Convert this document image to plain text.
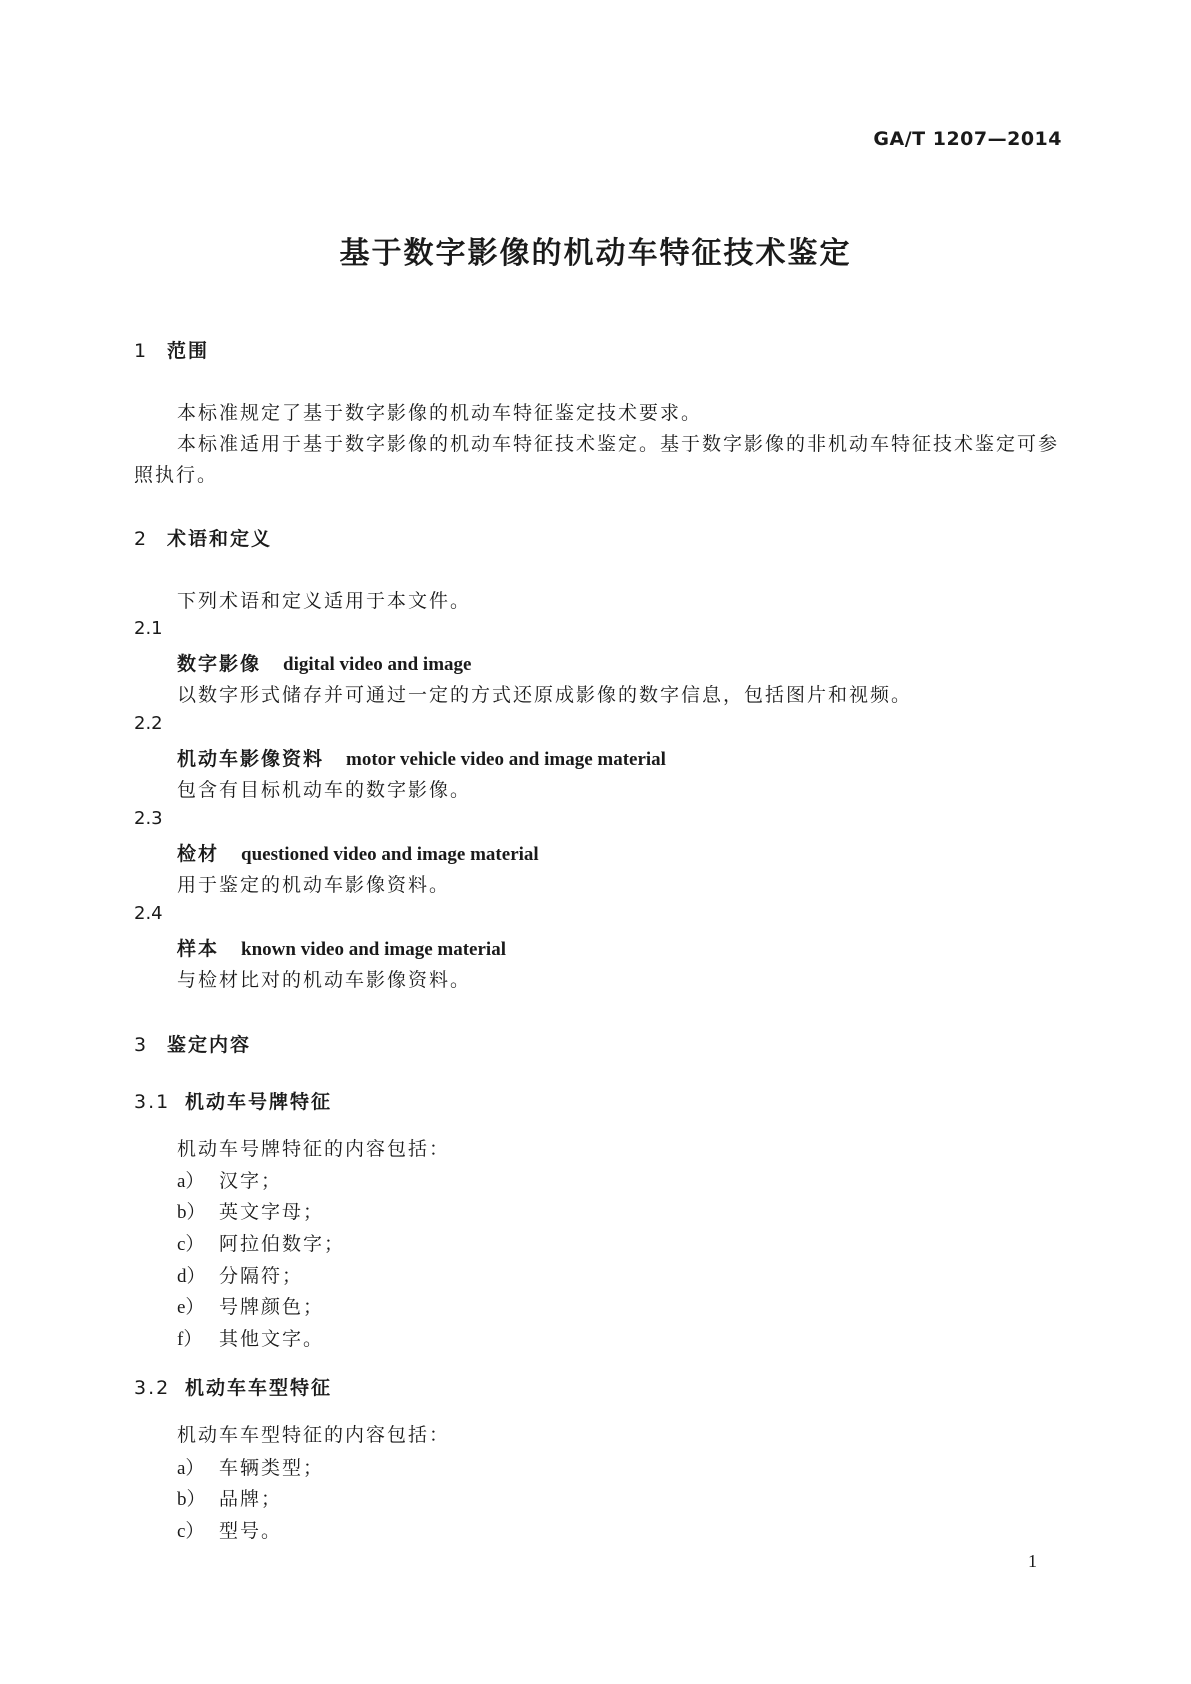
GA/T 1207—2014
基于数字影像的机动车特征技术鉴定
1 范围
本标准规定了基于数字影像的机动车特征鉴定技术要求。
本标准适用于基于数字影像的机动车特征技术鉴定。基于数字影像的非机动车特征技术鉴定可参
照执行。
2 术语和定义
下列术语和定义适用于本文件。
2.1
数字影像 digital video and image
以数字形式储存并可通过一定的方式还原成影像的数字信息，包括图片和视频。
2.2
机动车影像资料 motor vehicle video and image material
包含有目标机动车的数字影像。
2.3
检材 questioned video and image material
用于鉴定的机动车影像资料。
2.4
样本 known video and image material
与检材比对的机动车影像资料。
3 鉴定内容
3.1 机动车号牌特征
机动车号牌特征的内容包括：
a） 汉字；
b） 英文字母；
c） 阿拉伯数字；
d） 分隔符；
e） 号牌颜色；
f） 其他文字。
3.2 机动车车型特征
机动车车型特征的内容包括：
a） 车辆类型；
b） 品牌；
c） 型号。
1
